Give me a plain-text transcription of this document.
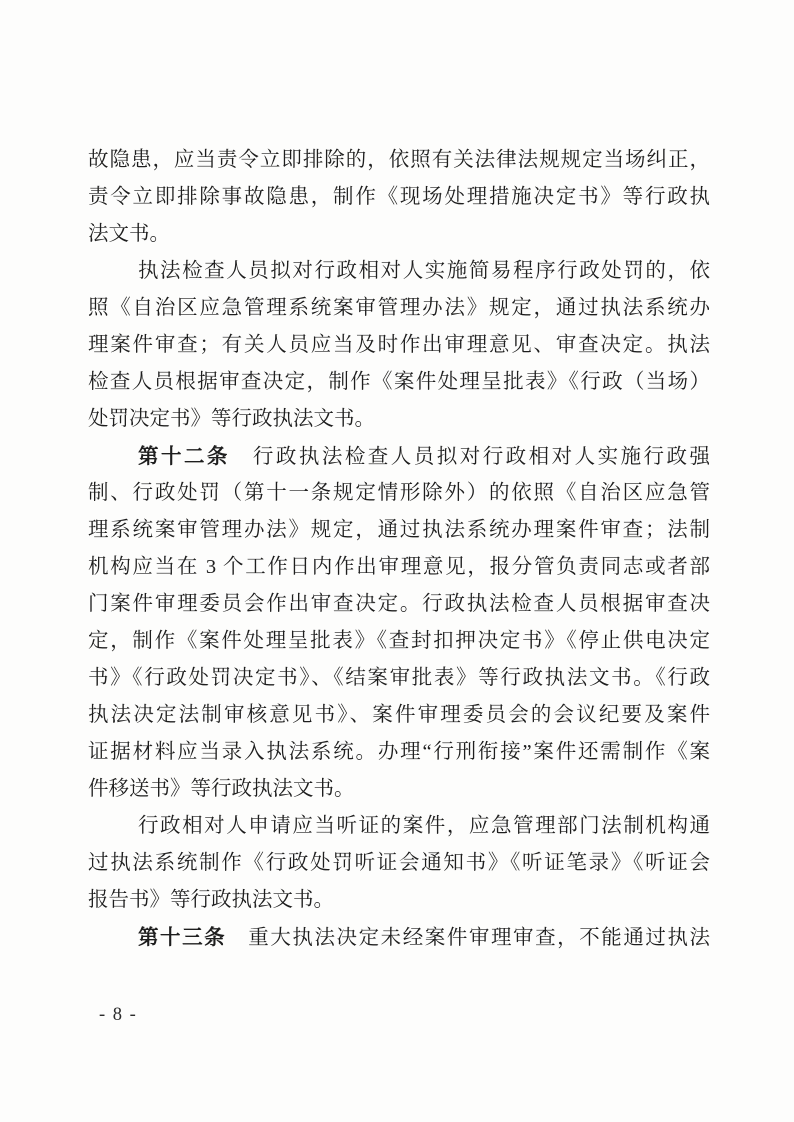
故隐患，应当责令立即排除的，依照有关法律法规规定当场纠正，
责令立即排除事故隐患，制作《现场处理措施决定书》等行政执
法文书。
执法检查人员拟对行政相对人实施简易程序行政处罚的，依
照《自治区应急管理系统案审管理办法》规定，通过执法系统办
理案件审查；有关人员应当及时作出审理意见、审查决定。执法
检查人员根据审查决定，制作《案件处理呈批表》《行政（当场）
处罚决定书》等行政执法文书。
第十二条　行政执法检查人员拟对行政相对人实施行政强
制、行政处罚（第十一条规定情形除外）的依照《自治区应急管
理系统案审管理办法》规定，通过执法系统办理案件审查；法制
机构应当在 3 个工作日内作出审理意见，报分管负责同志或者部
门案件审理委员会作出审查决定。行政执法检查人员根据审查决
定，制作《案件处理呈批表》《查封扣押决定书》《停止供电决定
书》《行政处罚决定书》、《结案审批表》等行政执法文书。《行政
执法决定法制审核意见书》、案件审理委员会的会议纪要及案件
证据材料应当录入执法系统。办理“行刑衔接”案件还需制作《案
件移送书》等行政执法文书。
行政相对人申请应当听证的案件，应急管理部门法制机构通
过执法系统制作《行政处罚听证会通知书》《听证笔录》《听证会
报告书》等行政执法文书。
第十三条　重大执法决定未经案件审理审查，不能通过执法
- 8 -
